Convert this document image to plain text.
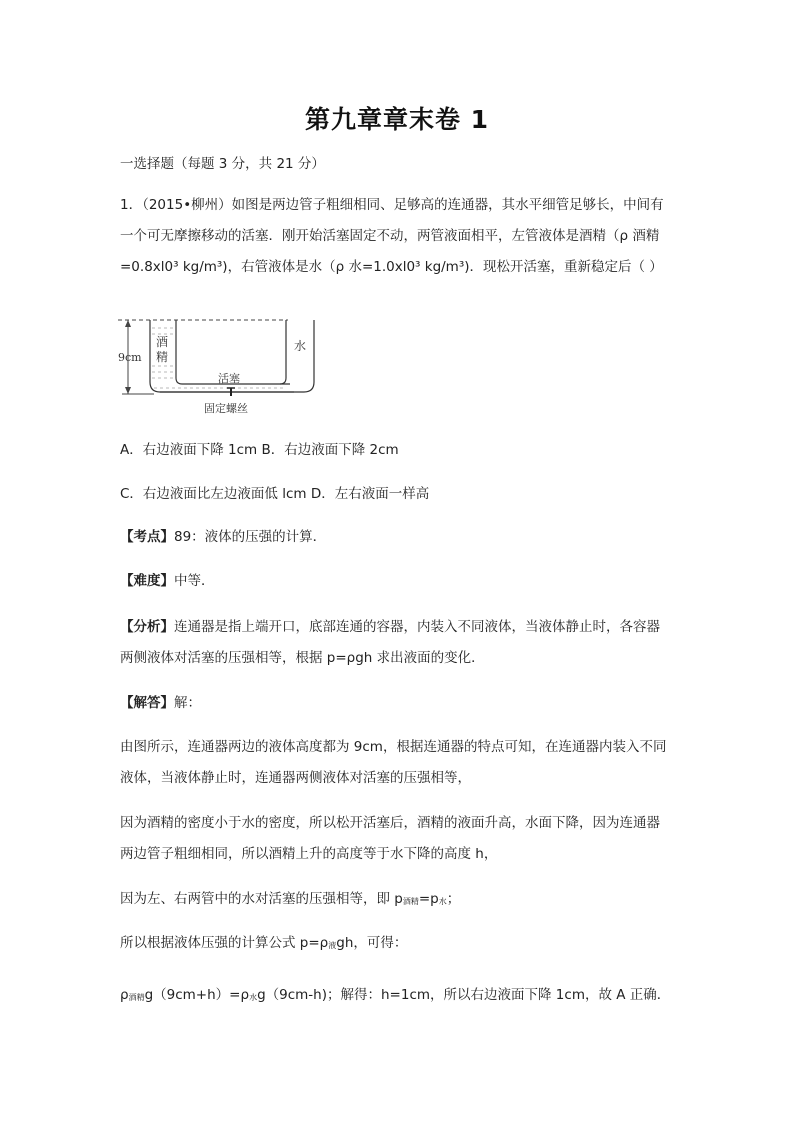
第九章章末卷 1
一选择题（每题 3 分，共 21 分）
1．（2015•柳州）如图是两边管子粗细相同、足够高的连通器，其水平细管足够长，中间有
一个可无摩擦移动的活塞．刚开始活塞固定不动，两管液面相平，左管液体是酒精（ρ 酒精
=0.8xl0³ kg/m³)，右管液体是水（ρ 水=1.0xl0³ kg/m³)．现松开活塞，重新稳定后（ ）
9cm
酒
精
水
活塞
固定螺丝
A．右边液面下降 1cm B．右边液面下降 2cm
C．右边液面比左边液面低 lcm D．左右液面一样高
【考点】89：液体的压强的计算．
【难度】中等．
【分析】连通器是指上端开口，底部连通的容器，内装入不同液体，当液体静止时，各容器
两侧液体对活塞的压强相等，根据 p=ρgh 求出液面的变化．
【解答】解：
由图所示，连通器两边的液体高度都为 9cm，根据连通器的特点可知，在连通器内装入不同
液体，当液体静止时，连通器两侧液体对活塞的压强相等，
因为酒精的密度小于水的密度，所以松开活塞后，酒精的液面升高，水面下降，因为连通器
两边管子粗细相同，所以酒精上升的高度等于水下降的高度 h，
因为左、右两管中的水对活塞的压强相等，即 $p_{酒精}=p_水$；
所以根据液体压强的计算公式 $p=\rho_液gh$，可得：
$\rho_{酒精}g(9cm+h)=\rho_水g(9cm-h)$；解得：h=1cm，所以右边液面下降 1cm，故 A 正确．
